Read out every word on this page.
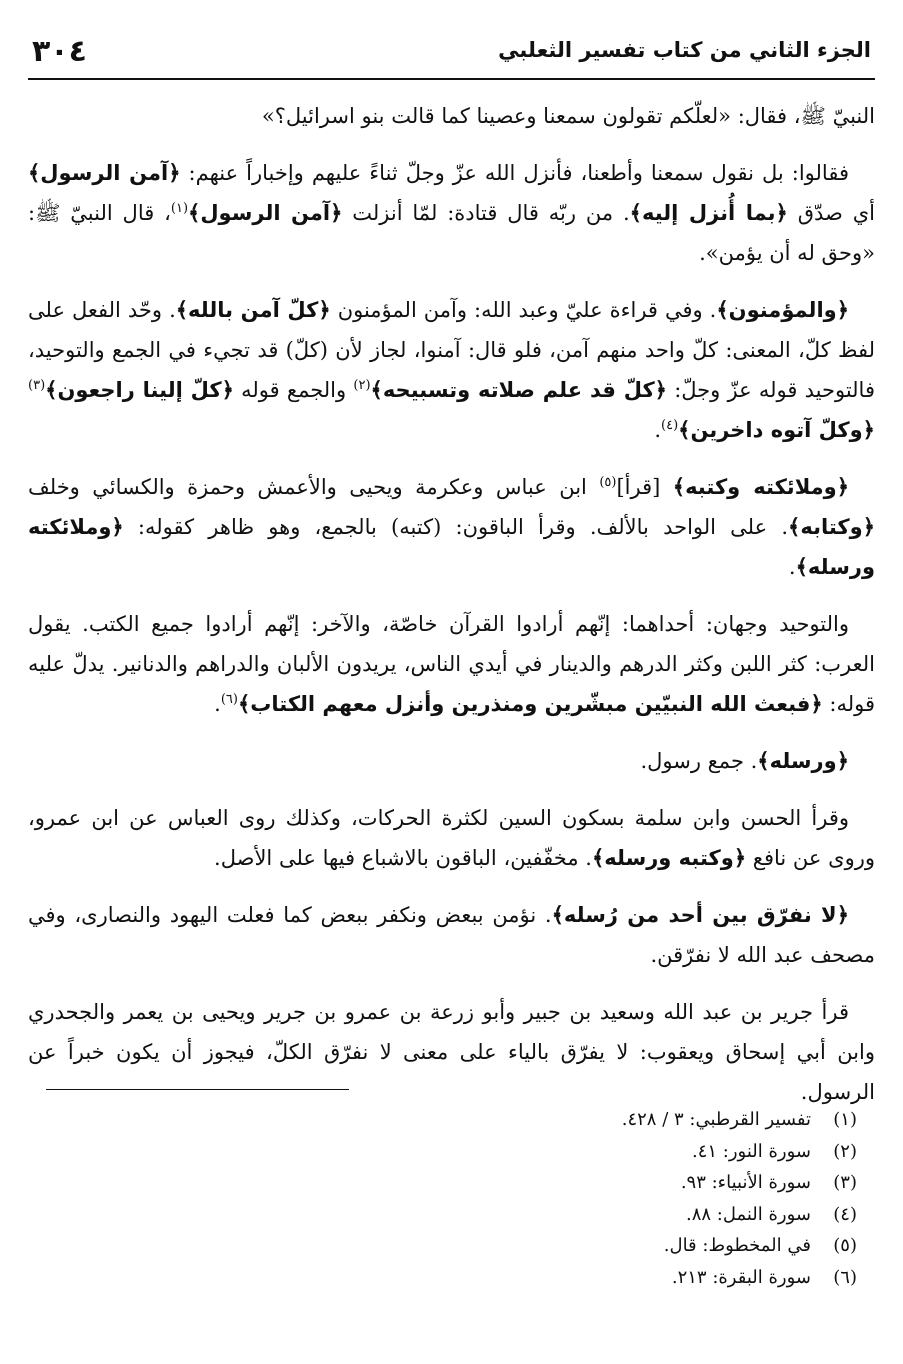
٣٠٤	الجزء الثاني من كتاب تفسير الثعلبي

النبيّ ﷺ، فقال: «لعلّكم تقولون سمعنا وعصينا كما قالت بنو اسرائيل؟»

فقالوا: بل نقول سمعنا وأطعنا، فأنزل الله عزّ وجلّ ثناءً عليهم وإخباراً عنهم: ﴿آمن الرسول﴾ أي صدّق ﴿بما أُنزل إليه﴾. من ربّه قال قتادة: لمّا أنزلت ﴿آمن الرسول﴾$^{(١)}$، قال النبيّ ﷺ: «وحق له أن يؤمن».

﴿والمؤمنون﴾. وفي قراءة عليّ وعبد الله: وآمن المؤمنون ﴿كلّ آمن بالله﴾. وحّد الفعل على لفظ كلّ، المعنى: كلّ واحد منهم آمن، فلو قال: آمنوا، لجاز لأن (كلّ) قد تجيء في الجمع والتوحيد، فالتوحيد قوله عزّ وجلّ: ﴿كلّ قد علم صلاته وتسبيحه﴾$^{(٢)}$ والجمع قوله ﴿كلّ إلينا راجعون﴾$^{(٣)}$ ﴿وكلّ آتوه داخرين﴾$^{(٤)}$.

﴿وملائكته وكتبه﴾ [قرأ]$^{(٥)}$ ابن عباس وعكرمة ويحيى والأعمش وحمزة والكسائي وخلف ﴿وكتابه﴾. على الواحد بالألف. وقرأ الباقون: (كتبه) بالجمع، وهو ظاهر كقوله: ﴿وملائكته ورسله﴾.

والتوحيد وجهان: أحداهما: إنّهم أرادوا القرآن خاصّة، والآخر: إنّهم أرادوا جميع الكتب. يقول العرب: كثر اللبن وكثر الدرهم والدينار في أيدي الناس، يريدون الألبان والدراهم والدنانير. يدلّ عليه قوله: ﴿فبعث الله النبيّين مبشّرين ومنذرين وأنزل معهم الكتاب﴾$^{(٦)}$.

﴿ورسله﴾. جمع رسول.

وقرأ الحسن وابن سلمة بسكون السين لكثرة الحركات، وكذلك روى العباس عن ابن عمرو، وروى عن نافع ﴿وكتبه ورسله﴾. مخفّفين، الباقون بالاشباع فيها على الأصل.

﴿لا نفرّق بين أحد من رُسله﴾. نؤمن ببعض ونكفر ببعض كما فعلت اليهود والنصارى، وفي مصحف عبد الله لا نفرّقن.

قرأ جرير بن عبد الله وسعيد بن جبير وأبو زرعة بن عمرو بن جرير ويحيى بن يعمر والجحدري وابن أبي إسحاق ويعقوب: لا يفرّق بالياء على معنى لا نفرّق الكلّ، فيجوز أن يكون خبراً عن الرسول.

(١)
تفسير القرطبي: ٣ / ٤٢٨.
(٢)
سورة النور: ٤١.
(٣)
سورة الأنبياء: ٩٣.
(٤)
سورة النمل: ٨٨.
(٥)
في المخطوط: قال.
(٦)
سورة البقرة: ٢١٣.
